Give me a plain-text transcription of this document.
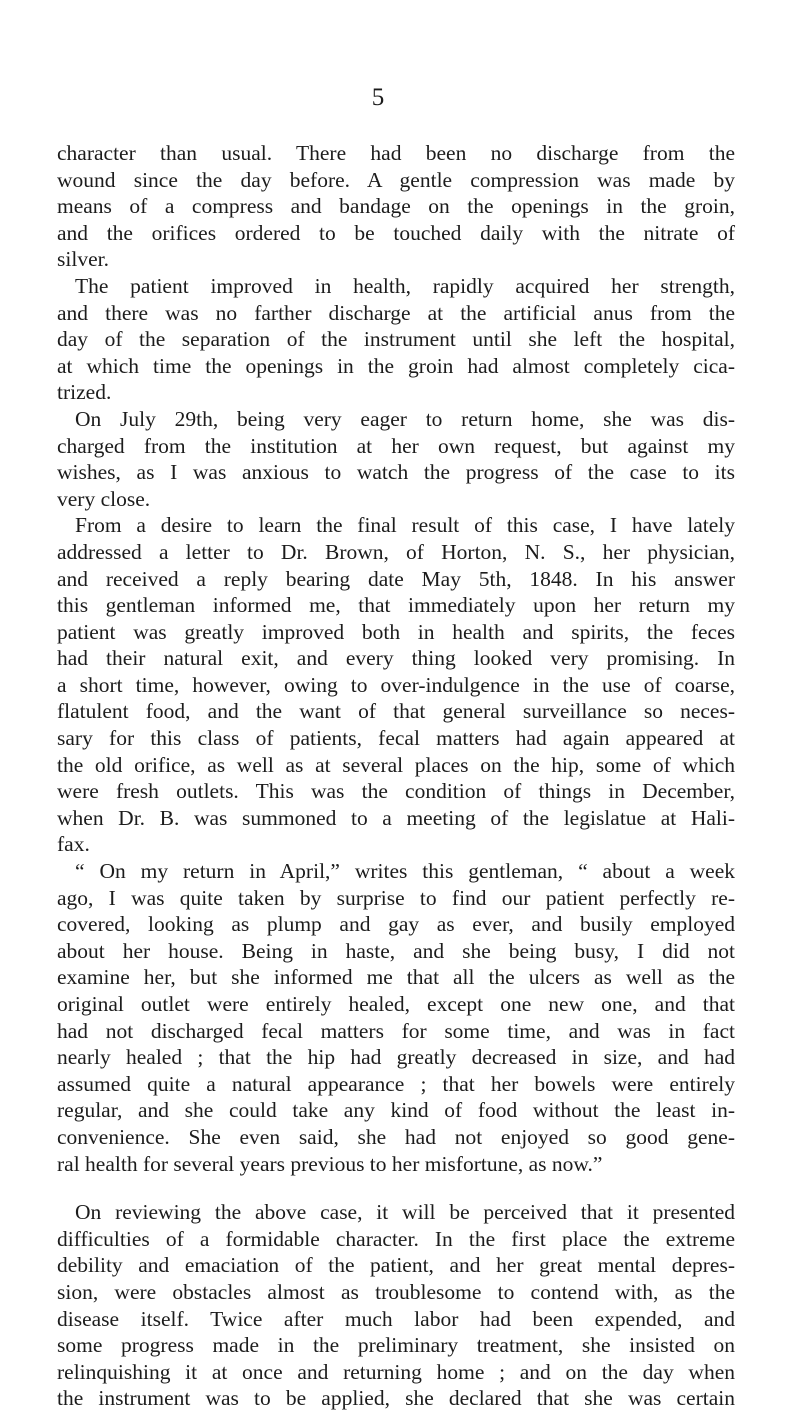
5
character than usual. There had been no discharge from the
wound since the day before. A gentle compression was made by
means of a compress and bandage on the openings in the groin,
and the orifices ordered to be touched daily with the nitrate of
silver.
The patient improved in health, rapidly acquired her strength,
and there was no farther discharge at the artificial anus from the
day of the separation of the instrument until she left the hospital,
at which time the openings in the groin had almost completely cica-
trized.
On July 29th, being very eager to return home, she was dis-
charged from the institution at her own request, but against my
wishes, as I was anxious to watch the progress of the case to its
very close.
From a desire to learn the final result of this case, I have lately
addressed a letter to Dr. Brown, of Horton, N. S., her physician,
and received a reply bearing date May 5th, 1848. In his answer
this gentleman informed me, that immediately upon her return my
patient was greatly improved both in health and spirits, the feces
had their natural exit, and every thing looked very promising. In
a short time, however, owing to over-indulgence in the use of coarse,
flatulent food, and the want of that general surveillance so neces-
sary for this class of patients, fecal matters had again appeared at
the old orifice, as well as at several places on the hip, some of which
were fresh outlets. This was the condition of things in December,
when Dr. B. was summoned to a meeting of the legislatue at Hali-
fax.
“ On my return in April,” writes this gentleman, “ about a week
ago, I was quite taken by surprise to find our patient perfectly re-
covered, looking as plump and gay as ever, and busily employed
about her house. Being in haste, and she being busy, I did not
examine her, but she informed me that all the ulcers as well as the
original outlet were entirely healed, except one new one, and that
had not discharged fecal matters for some time, and was in fact
nearly healed ; that the hip had greatly decreased in size, and had
assumed quite a natural appearance ; that her bowels were entirely
regular, and she could take any kind of food without the least in-
convenience. She even said, she had not enjoyed so good gene-
ral health for several years previous to her misfortune, as now.”
On reviewing the above case, it will be perceived that it presented
difficulties of a formidable character. In the first place the extreme
debility and emaciation of the patient, and her great mental depres-
sion, were obstacles almost as troublesome to contend with, as the
disease itself. Twice after much labor had been expended, and
some progress made in the preliminary treatment, she insisted on
relinquishing it at once and returning home ; and on the day when
the instrument was to be applied, she declared that she was certain
